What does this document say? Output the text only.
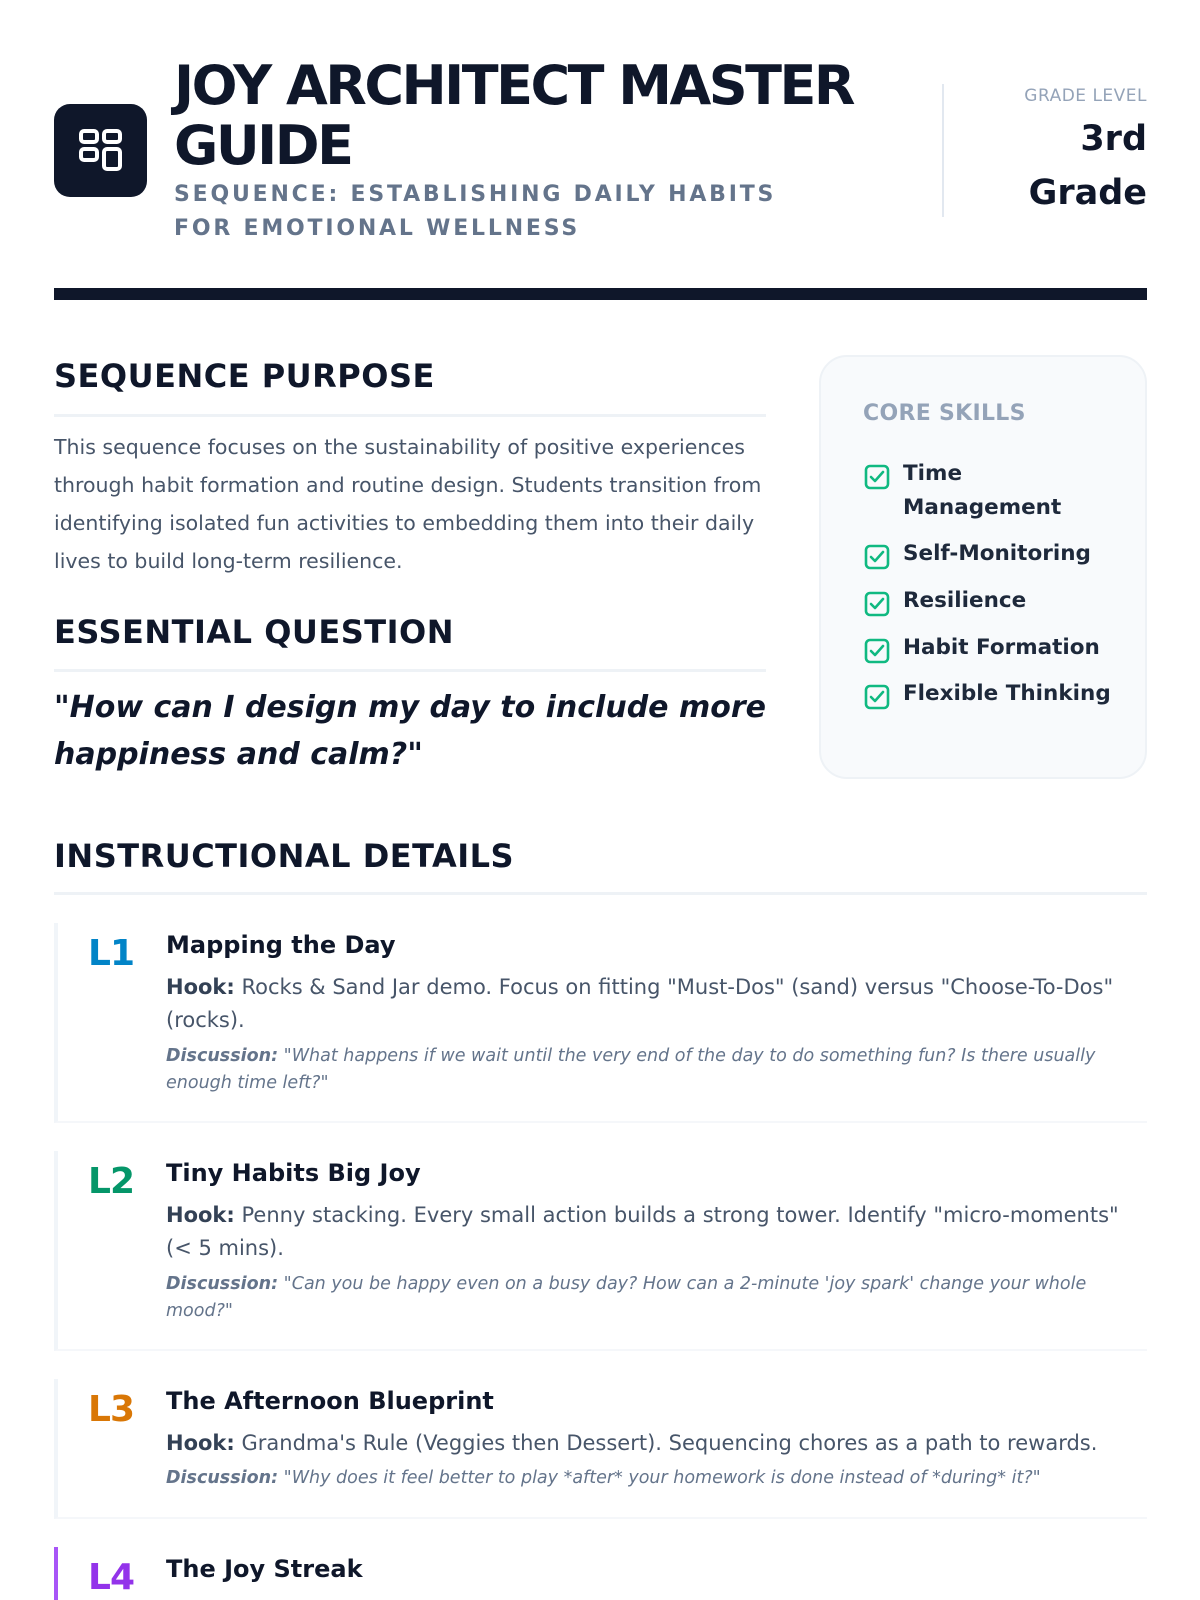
JOY ARCHITECT MASTER GUIDE
SEQUENCE: ESTABLISHING DAILY HABITS FOR EMOTIONAL WELLNESS
GRADE LEVEL
3rd Grade
SEQUENCE PURPOSE
This sequence focuses on the sustainability of positive experiences through habit formation and routine design. Students transition from identifying isolated fun activities to embedding them into their daily lives to build long-term resilience.
ESSENTIAL QUESTION
"How can I design my day to include more happiness and calm?"
CORE SKILLS
Time Management
Self-Monitoring
Resilience
Habit Formation
Flexible Thinking
INSTRUCTIONAL DETAILS
L1 Mapping the Day
Hook: Rocks & Sand Jar demo. Focus on fitting "Must-Dos" (sand) versus "Choose-To-Dos" (rocks).
Discussion: "What happens if we wait until the very end of the day to do something fun? Is there usually enough time left?"
L2 Tiny Habits Big Joy
Hook: Penny stacking. Every small action builds a strong tower. Identify "micro-moments" (< 5 mins).
Discussion: "Can you be happy even on a busy day? How can a 2-minute 'joy spark' change your whole mood?"
L3 The Afternoon Blueprint
Hook: Grandma's Rule (Veggies then Dessert). Sequencing chores as a path to rewards.
Discussion: "Why does it feel better to play *after* your homework is done instead of *during* it?"
L4 The Joy Streak
